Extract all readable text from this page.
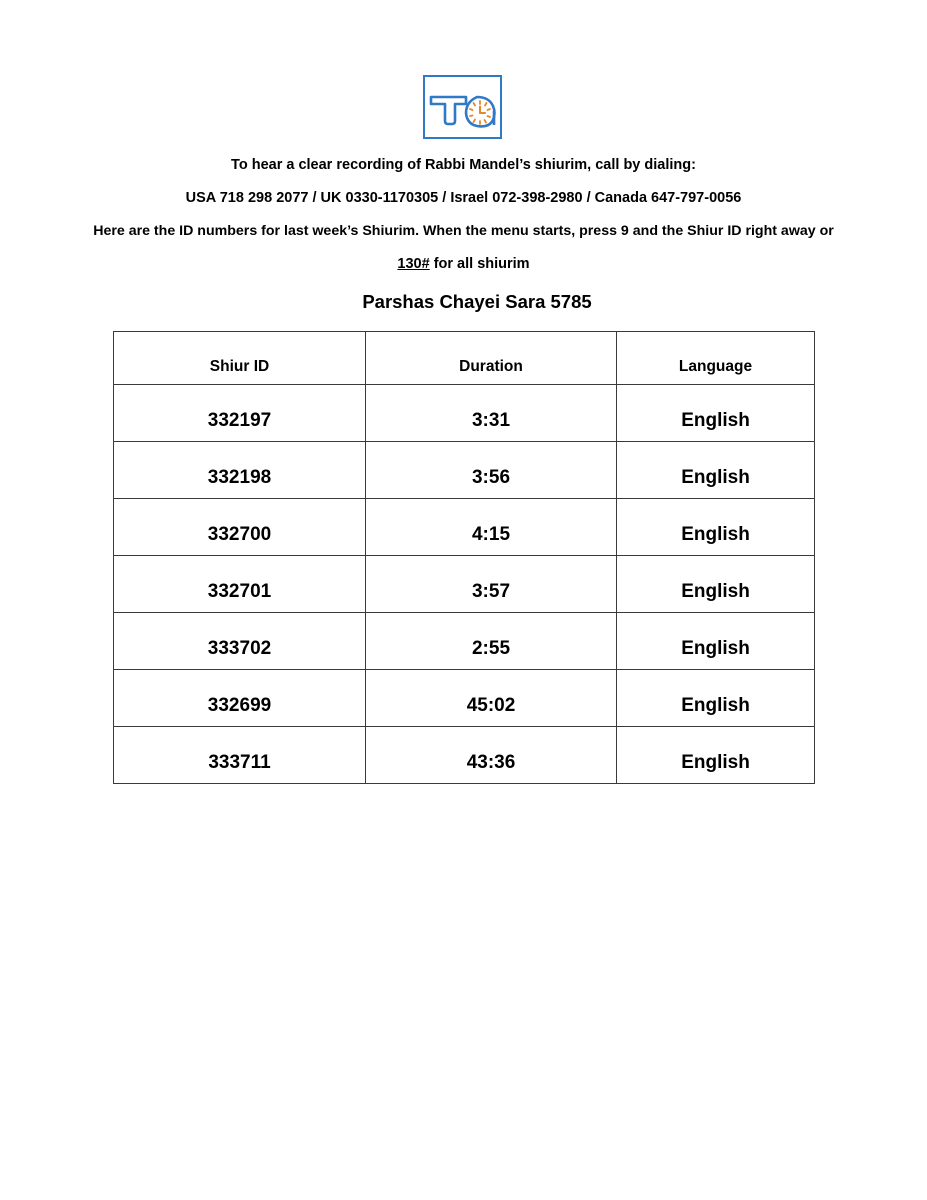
To hear a clear recording of Rabbi Mandel’s shiurim, call by dialing:
USA 718 298 2077 / UK 0330-1170305 / Israel 072-398-2980 / Canada 647-797-0056
Here are the ID numbers for last week’s Shiurim. When the menu starts, press 9 and the Shiur ID right away or
130# for all shiurim
Parshas Chayei Sara 5785
Shiur ID	Duration	Language
332197	3:31	English
332198	3:56	English
332700	4:15	English
332701	3:57	English
333702	2:55	English
332699	45:02	English
333711	43:36	English
